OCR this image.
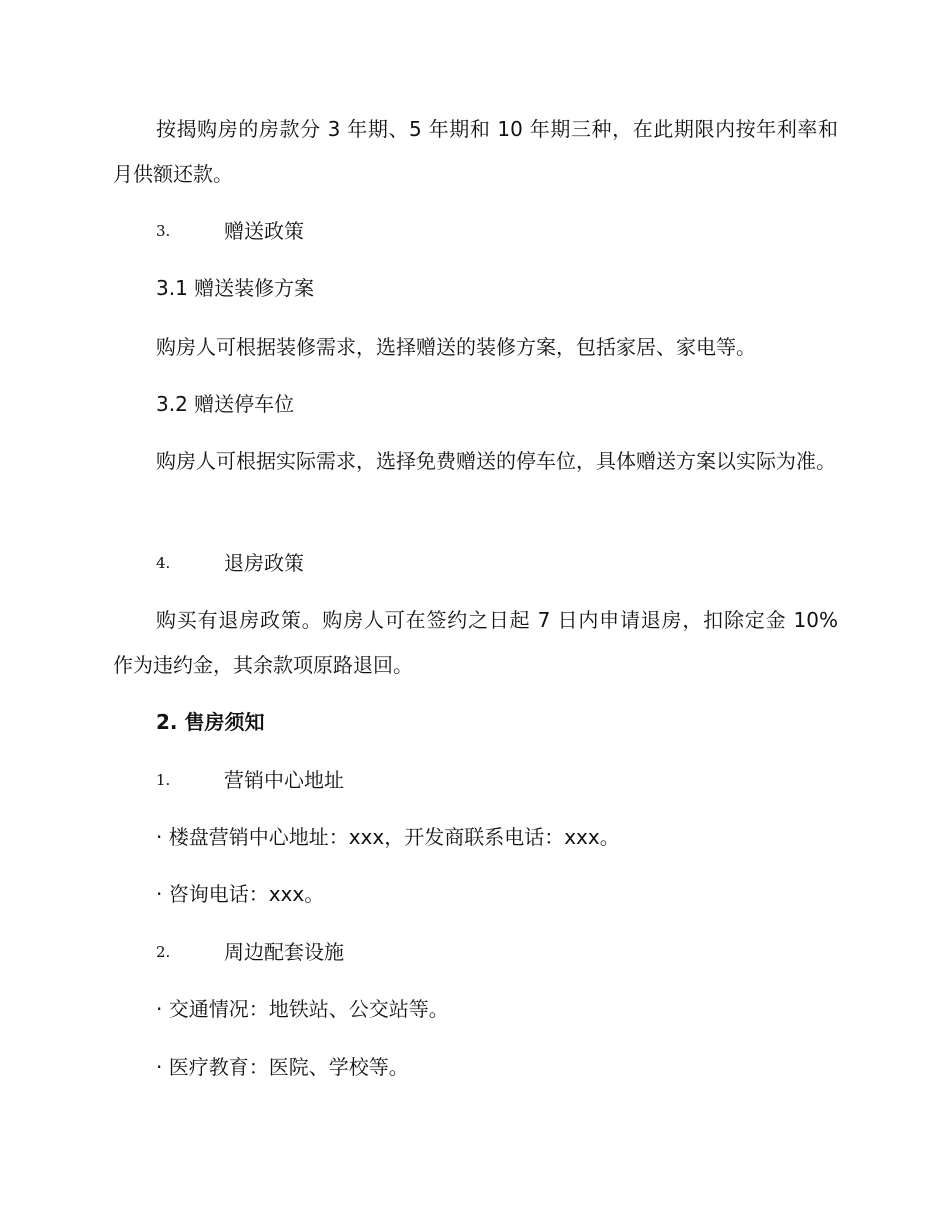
按揭购房的房款分 3 年期、5 年期和 10 年期三种，在此期限内按年利率和月供额还款。

3.	赠送政策
3.1 赠送装修方案

购房人可根据装修需求，选择赠送的装修方案，包括家居、家电等。

3.2 赠送停车位

购房人可根据实际需求，选择免费赠送的停车位，具体赠送方案以实际为准。

4.	退房政策

购买有退房政策。购房人可在签约之日起 7 日内申请退房，扣除定金 10% 作为违约金，其余款项原路退回。

2. 售房须知
1.	营销中心地址
· 楼盘营销中心地址：xxx，开发商联系电话：xxx。
· 咨询电话：xxx。
2.	周边配套设施
· 交通情况：地铁站、公交站等。
· 医疗教育：医院、学校等。
